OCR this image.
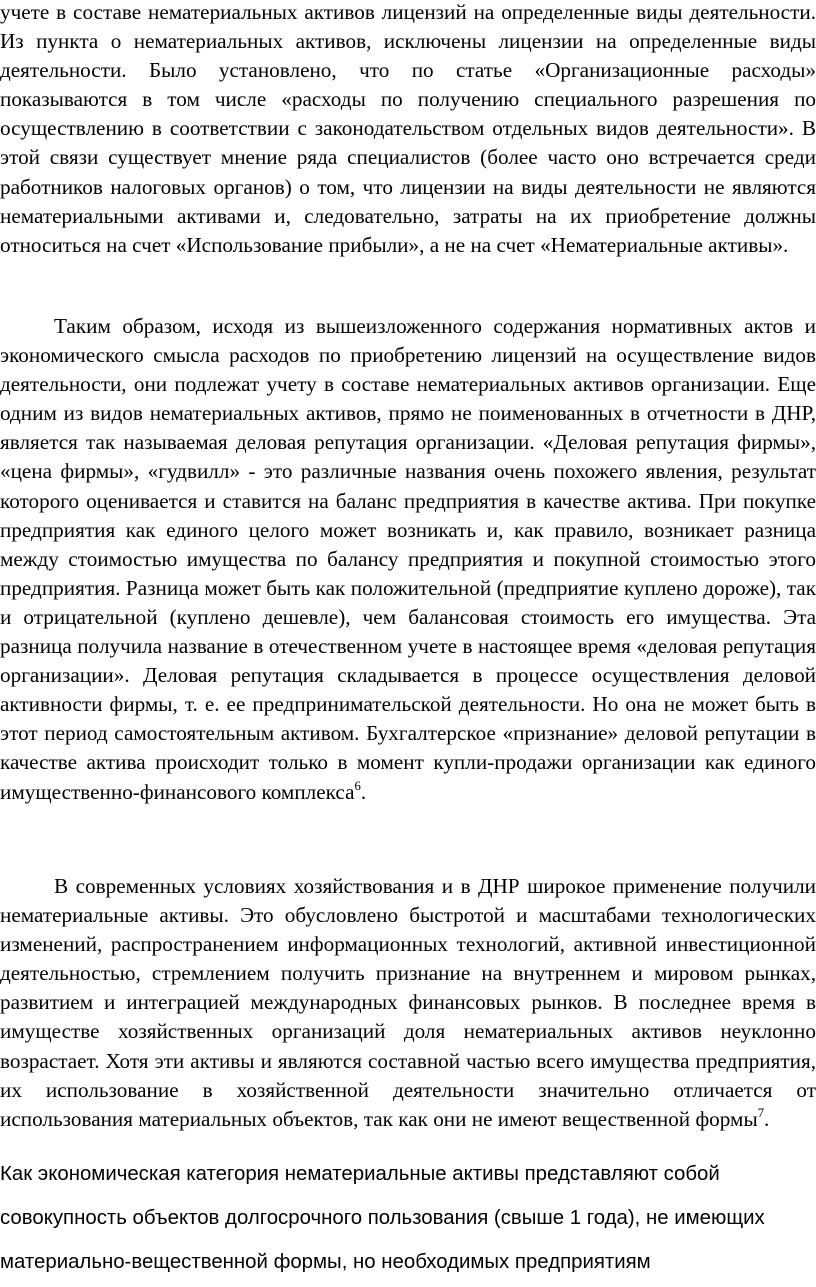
учете в составе нематериальных активов лицензий на определенные виды деятельности. Из пункта о нематериальных активов, исключены лицензии на определенные виды деятельности. Было установлено, что по статье «Организационные расходы» показываются в том числе «расходы по получению специального разрешения по осуществлению в соответствии с законодательством отдельных видов деятельности». В этой связи существует мнение ряда специалистов (более часто оно встречается среди работников налоговых органов) о том, что лицензии на виды деятельности не являются нематериальными активами и, следовательно, затраты на их приобретение должны относиться на счет «Использование прибыли», а не на счет «Нематериальные активы».

Таким образом, исходя из вышеизложенного содержания нормативных актов и экономического смысла расходов по приобретению лицензий на осуществление видов деятельности, они подлежат учету в составе нематериальных активов организации. Еще одним из видов нематериальных активов, прямо не поименованных в отчетности в ДНР, является так называемая деловая репутация организации. «Деловая репутация фирмы», «цена фирмы», «гудвилл» - это различные названия очень похожего явления, результат которого оценивается и ставится на баланс предприятия в качестве актива. При покупке предприятия как единого целого может возникать и, как правило, возникает разница между стоимостью имущества по балансу предприятия и покупной стоимостью этого предприятия. Разница может быть как положительной (предприятие куплено дороже), так и отрицательной (куплено дешевле), чем балансовая стоимость его имущества. Эта разница получила название в отечественном учете в настоящее время «деловая репутация организации». Деловая репутация складывается в процессе осуществления деловой активности фирмы, т. е. ее предпринимательской деятельности. Но она не может быть в этот период самостоятельным активом. Бухгалтерское «признание» деловой репутации в качестве актива происходит только в момент купли-продажи организации как единого имущественно-финансового комплекса$^6$.

В современных условиях хозяйствования и в ДНР широкое применение получили нематериальные активы. Это обусловлено быстротой и масштабами технологических изменений, распространением информационных технологий, активной инвестиционной деятельностью, стремлением получить признание на внутреннем и мировом рынках, развитием и интеграцией международных финансовых рынков. В последнее время в имуществе хозяйственных организаций доля нематериальных активов неуклонно возрастает. Хотя эти активы и являются составной частью всего имущества предприятия, их использование в хозяйственной деятельности значительно отличается от использования материальных объектов, так как они не имеют вещественной формы$^7$.

Как экономическая категория нематериальные активы представляют собой совокупность объектов долгосрочного пользования (свыше 1 года), не имеющих материально-вещественной формы, но необходимых предприятиям
